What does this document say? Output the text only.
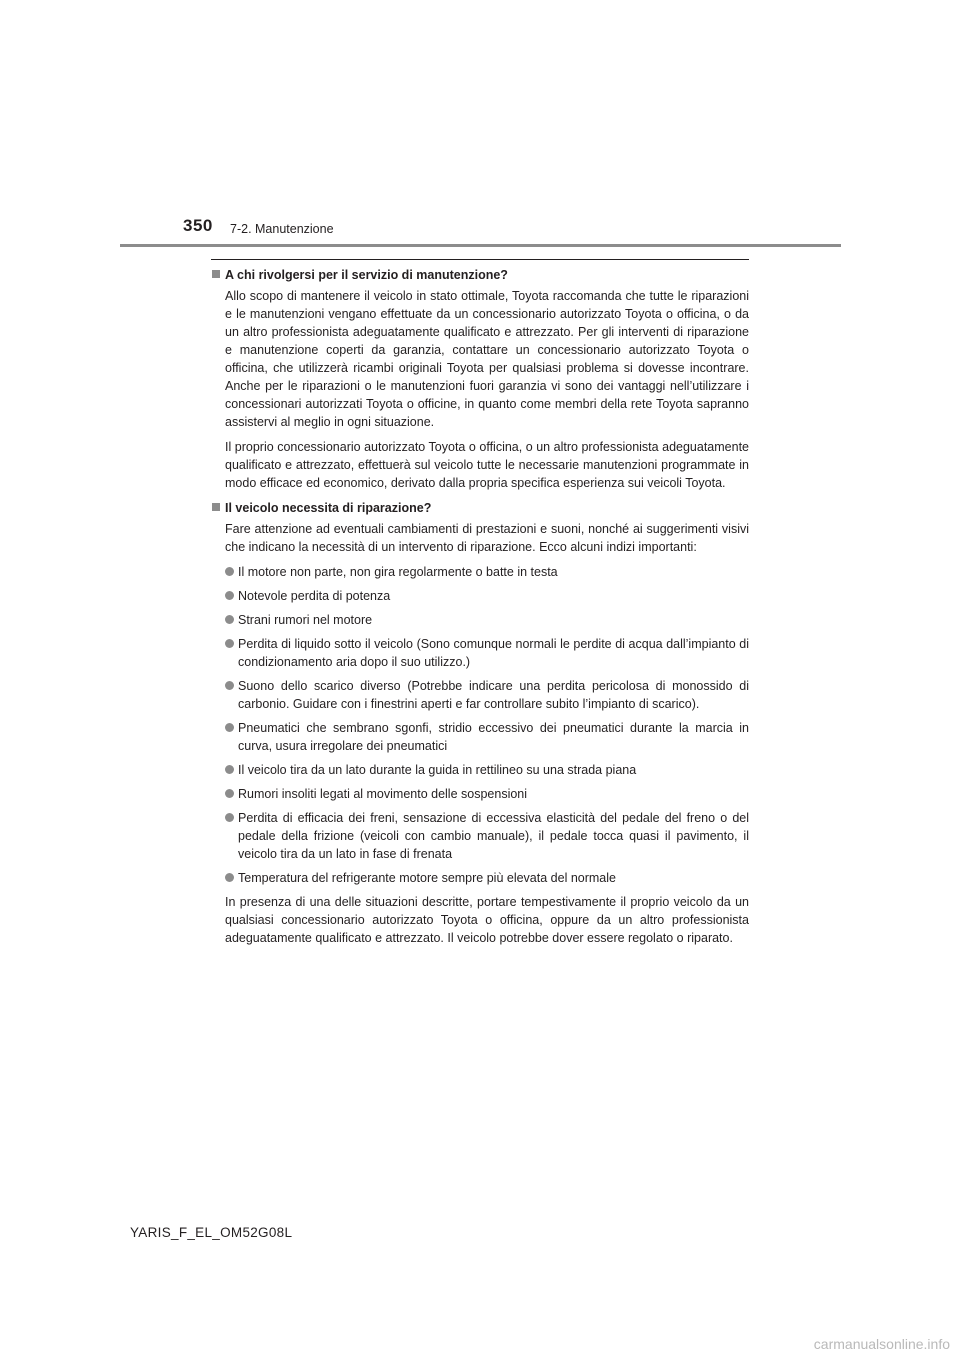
350 7-2. Manutenzione
A chi rivolgersi per il servizio di manutenzione?

Allo scopo di mantenere il veicolo in stato ottimale, Toyota raccomanda che tutte le riparazioni e le manutenzioni vengano effettuate da un concessionario autorizzato Toyota o officina, o da un altro professionista adeguatamente qualificato e attrezzato. Per gli interventi di riparazione e manutenzione coperti da garanzia, contattare un concessionario autorizzato Toyota o officina, che utilizzerà ricambi originali Toyota per qualsiasi problema si dovesse incontrare. Anche per le riparazioni o le manutenzioni fuori garanzia vi sono dei vantaggi nell’utilizzare i concessionari autorizzati Toyota o officine, in quanto come membri della rete Toyota sapranno assistervi al meglio in ogni situazione.

Il proprio concessionario autorizzato Toyota o officina, o un altro professionista adeguatamente qualificato e attrezzato, effettuerà sul veicolo tutte le necessarie manutenzioni programmate in modo efficace ed economico, derivato dalla propria specifica esperienza sui veicoli Toyota.

Il veicolo necessita di riparazione?

Fare attenzione ad eventuali cambiamenti di prestazioni e suoni, nonché ai suggerimenti visivi che indicano la necessità di un intervento di riparazione. Ecco alcuni indizi importanti:

Il motore non parte, non gira regolarmente o batte in testa
Notevole perdita di potenza
Strani rumori nel motore
Perdita di liquido sotto il veicolo (Sono comunque normali le perdite di acqua dall’impianto di condizionamento aria dopo il suo utilizzo.)
Suono dello scarico diverso (Potrebbe indicare una perdita pericolosa di monossido di carbonio. Guidare con i finestrini aperti e far controllare subito l’impianto di scarico).
Pneumatici che sembrano sgonfi, stridio eccessivo dei pneumatici durante la marcia in curva, usura irregolare dei pneumatici
Il veicolo tira da un lato durante la guida in rettilineo su una strada piana
Rumori insoliti legati al movimento delle sospensioni
Perdita di efficacia dei freni, sensazione di eccessiva elasticità del pedale del freno o del pedale della frizione (veicoli con cambio manuale), il pedale tocca quasi il pavimento, il veicolo tira da un lato in fase di frenata
Temperatura del refrigerante motore sempre più elevata del normale

In presenza di una delle situazioni descritte, portare tempestivamente il proprio veicolo da un qualsiasi concessionario autorizzato Toyota o officina, oppure da un altro professionista adeguatamente qualificato e attrezzato. Il veicolo potrebbe dover essere regolato o riparato.

YARIS_F_EL_OM52G08L
carmanualsonline.info
